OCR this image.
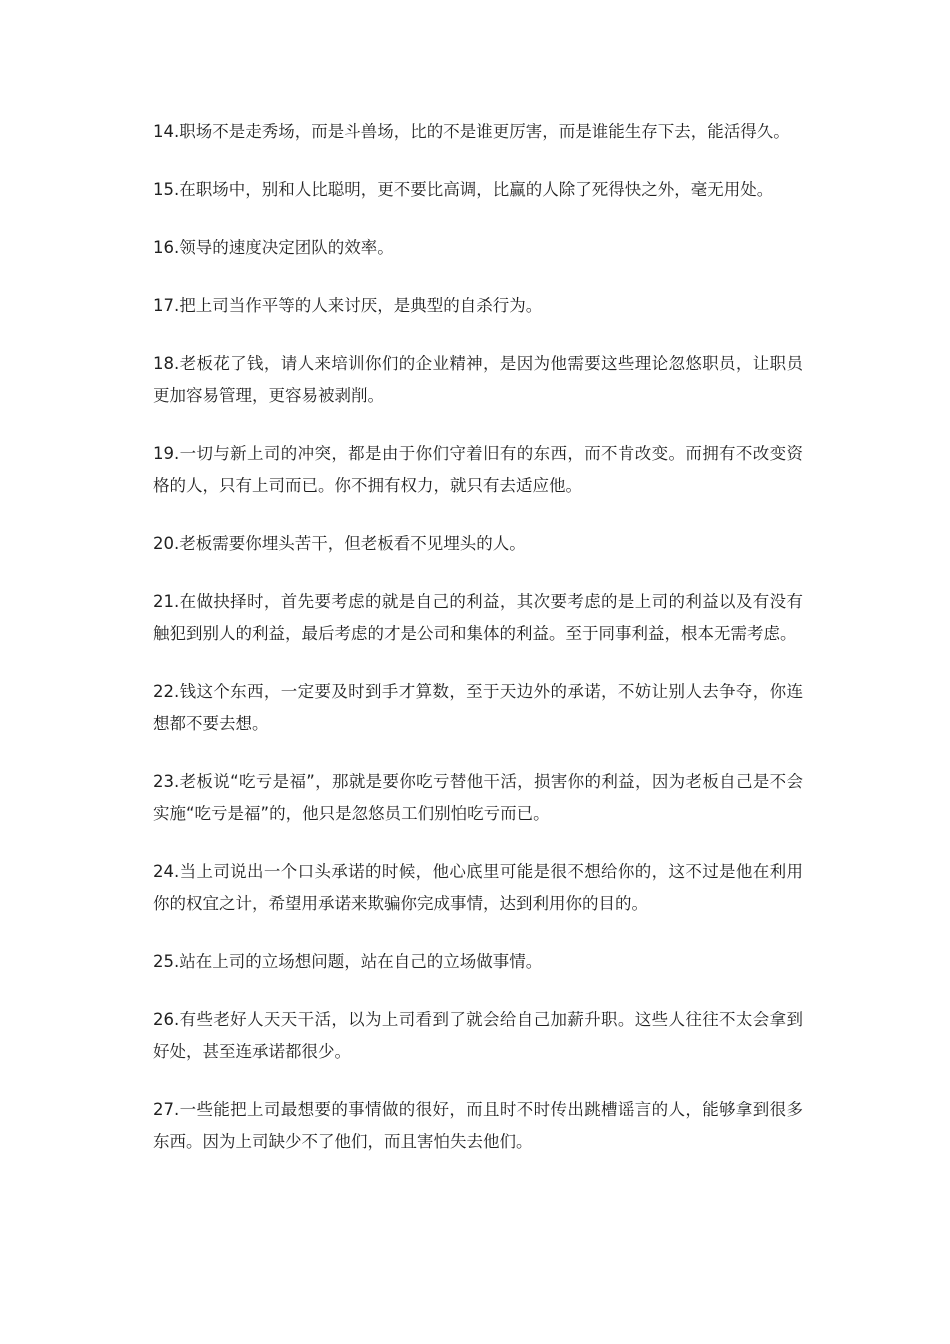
14.职场不是走秀场，而是斗兽场，比的不是谁更厉害，而是谁能生存下去，能活得久。

15.在职场中，别和人比聪明，更不要比高调，比赢的人除了死得快之外，毫无用处。

16.领导的速度决定团队的效率。

17.把上司当作平等的人来讨厌，是典型的自杀行为。

18.老板花了钱，请人来培训你们的企业精神，是因为他需要这些理论忽悠职员，让职员更加容易管理，更容易被剥削。

19.一切与新上司的冲突，都是由于你们守着旧有的东西，而不肯改变。而拥有不改变资格的人，只有上司而已。你不拥有权力，就只有去适应他。

20.老板需要你埋头苦干，但老板看不见埋头的人。

21.在做抉择时，首先要考虑的就是自己的利益，其次要考虑的是上司的利益以及有没有触犯到别人的利益，最后考虑的才是公司和集体的利益。至于同事利益，根本无需考虑。

22.钱这个东西，一定要及时到手才算数，至于天边外的承诺，不妨让别人去争夺，你连想都不要去想。

23.老板说“吃亏是福”，那就是要你吃亏替他干活，损害你的利益，因为老板自己是不会实施“吃亏是福”的，他只是忽悠员工们别怕吃亏而已。

24.当上司说出一个口头承诺的时候，他心底里可能是很不想给你的，这不过是他在利用你的权宜之计，希望用承诺来欺骗你完成事情，达到利用你的目的。

25.站在上司的立场想问题，站在自己的立场做事情。

26.有些老好人天天干活，以为上司看到了就会给自己加薪升职。这些人往往不太会拿到好处，甚至连承诺都很少。

27.一些能把上司最想要的事情做的很好，而且时不时传出跳槽谣言的人，能够拿到很多东西。因为上司缺少不了他们，而且害怕失去他们。
